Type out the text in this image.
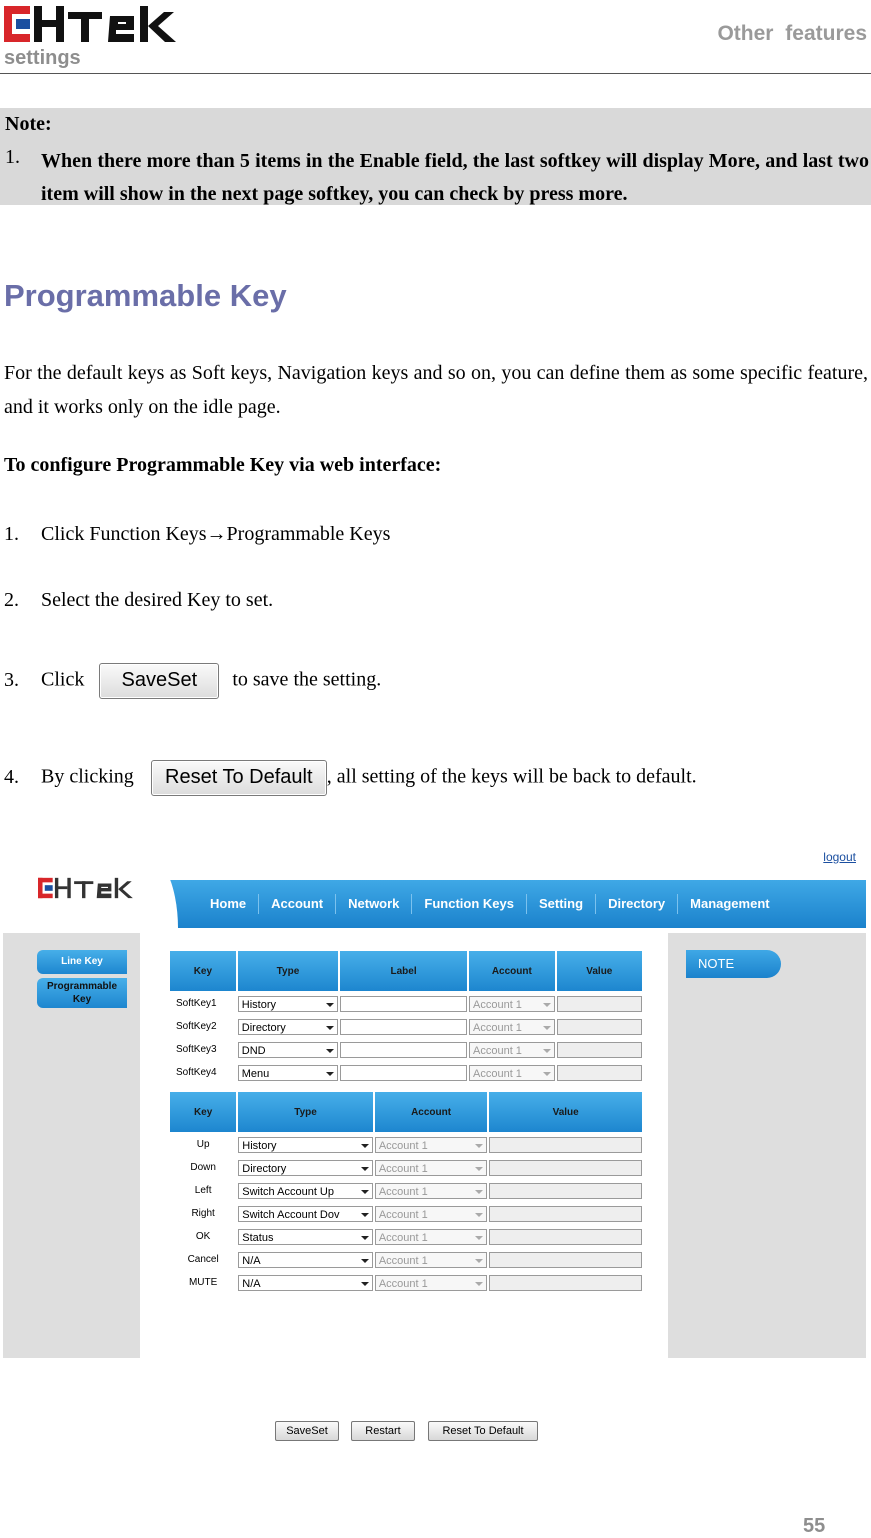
Other features
settings
Note:
1. When there more than 5 items in the Enable field, the last softkey will display More, and last two item will show in the next page softkey, you can check by press more.
Programmable Key
For the default keys as Soft keys, Navigation keys and so on, you can define them as some specific feature, and it works only on the idle page.
To configure Programmable Key via web interface:
1. Click Function Keys→Programmable Keys
2. Select the desired Key to set.
3. Click SaveSet to save the setting.
4. By clicking Reset To Default , all setting of the keys will be back to default.
logout
Home	Account	Network	Function Keys	Setting	Directory	Management
Line Key
Programmable Key
Key	Type	Label	Account	Value
SoftKey1	History		Account 1	

SoftKey2	Directory		Account 1	

SoftKey3	DND		Account 1	

SoftKey4	Menu		Account 1	

Key	Type	Account	Value
Up	History	Account 1	

Down	Directory	Account 1	

Left	Switch Account Up	Account 1	

Right	Switch Account Dov	Account 1	

OK	Status	Account 1	

Cancel	N/A	Account 1	

MUTE	N/A	Account 1	

SaveSet	Restart	Reset To Default
NOTE
55
